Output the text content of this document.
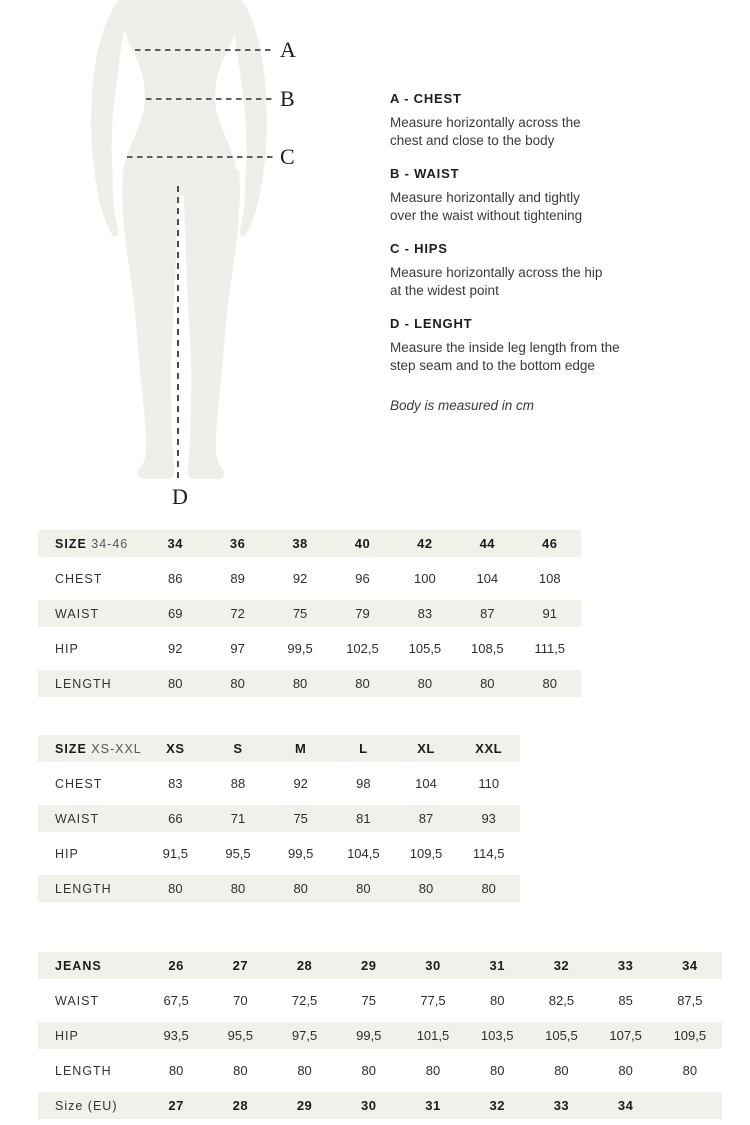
A
B
C
D
A - CHEST

Measure horizontally across the
chest and close to the body

B - WAIST

Measure horizontally and tightly
over the waist without tightening

C - HIPS

Measure horizontally across the hip
at the widest point

D - LENGHT

Measure the inside leg length from the
step seam and to the bottom edge

Body is measured in cm

SIZE 34-46	34	36	38	40	42	44	46
CHEST	86	89	92	96	100	104	108
WAIST	69	72	75	79	83	87	91
HIP	92	97	99,5	102,5	105,5	108,5	111,5
LENGTH	80	80	80	80	80	80	80
SIZE XS-XXL	XS	S	M	L	XL	XXL
CHEST	83	88	92	98	104	110
WAIST	66	71	75	81	87	93
HIP	91,5	95,5	99,5	104,5	109,5	114,5
LENGTH	80	80	80	80	80	80
JEANS	26	27	28	29	30	31	32	33	34
WAIST	67,5	70	72,5	75	77,5	80	82,5	85	87,5
HIP	93,5	95,5	97,5	99,5	101,5	103,5	105,5	107,5	109,5
LENGTH	80	80	80	80	80	80	80	80	80
Size (EU)	27	28	29	30	31	32	33	34
